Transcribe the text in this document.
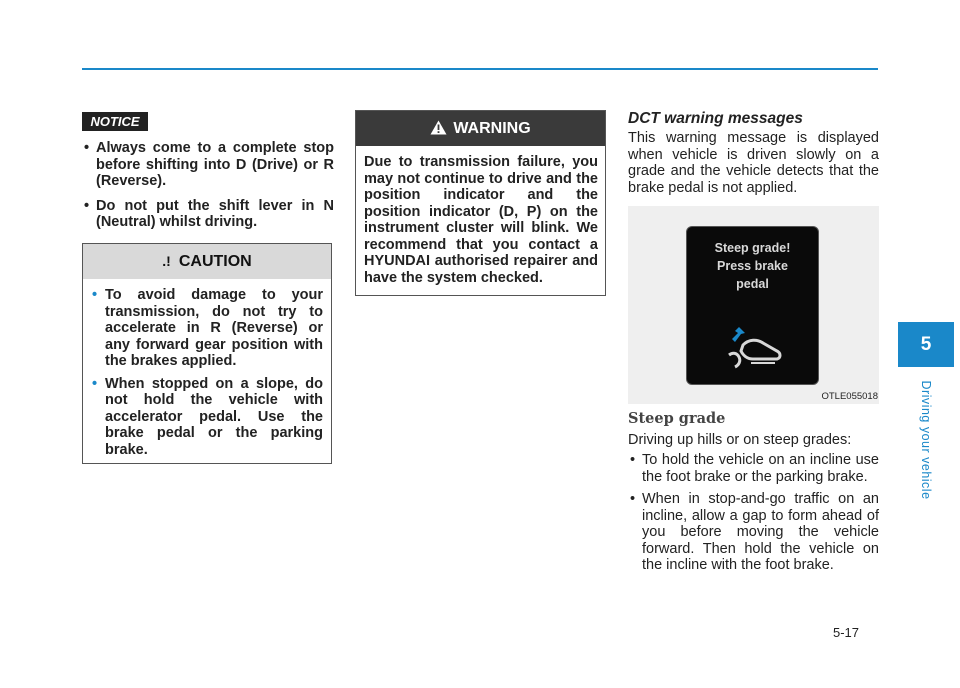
NOTICE
• Always come to a complete stop before shifting into D (Drive) or R (Reverse).
• Do not put the shift lever in N (Neutral) whilst driving.
.! CAUTION
• To avoid damage to your transmission, do not try to accelerate in R (Reverse) or any forward gear position with the brakes applied.
• When stopped on a slope, do not hold the vehicle with accelerator pedal. Use the brake pedal or the parking brake.
WARNING
Due to transmission failure, you may not continue to drive and the position indicator and the position indicator (D, P) on the instrument cluster will blink. We recommend that you contact a HYUNDAI authorised repairer and have the system checked.
DCT warning messages
This warning message is displayed when vehicle is driven slowly on a grade and the vehicle detects that the brake pedal is not applied.
Steep grade!
Press brake
pedal
OTLE055018
Steep grade
Driving up hills or on steep grades:
• To hold the vehicle on an incline use the foot brake or the parking brake.
• When in stop-and-go traffic on an incline, allow a gap to form ahead of you before moving the vehicle forward. Then hold the vehicle on the incline with the foot brake.
5
Driving your vehicle
5-17
